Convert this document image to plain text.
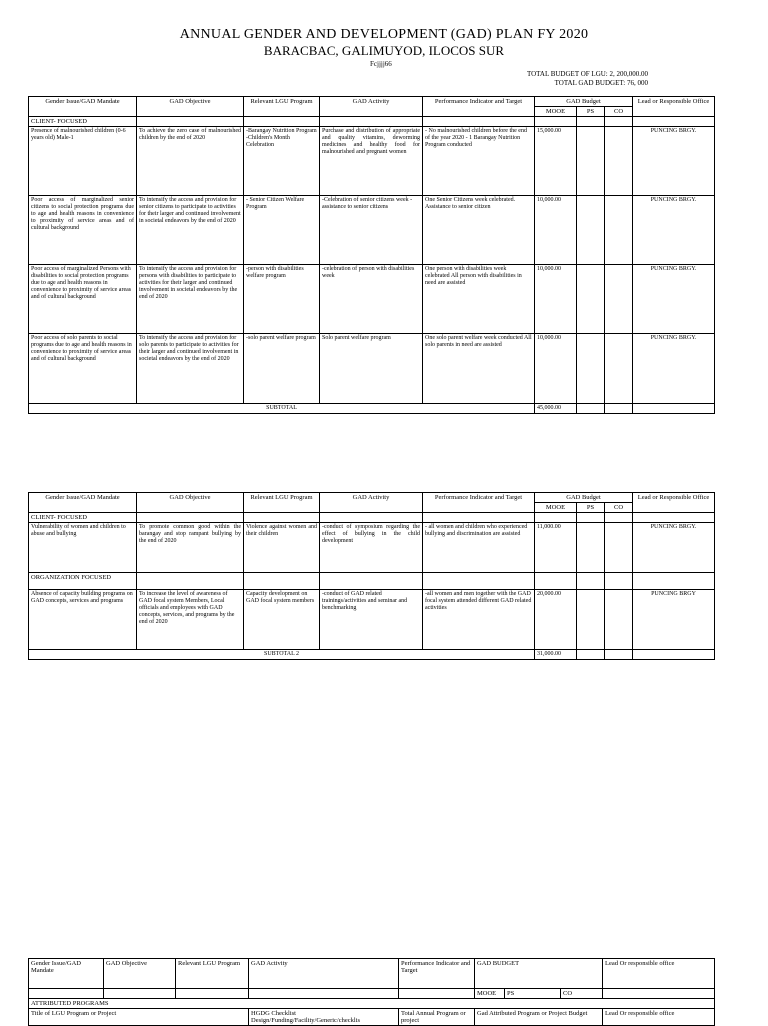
ANNUAL GENDER AND DEVELOPMENT (GAD) PLAN FY 2020
BARACBAC, GALIMUYOD, ILOCOS SUR
Fcjjjj66
TOTAL BUDGET OF LGU: 2, 200,000.00
TOTAL GAD BUDGET: 76, 000
Gender Issue/GAD Mandate	GAD Objective	Relevant LGU Program	GAD Activity	Performance Indicator and Target	GAD Budget			Lead or Responsible Office
					MOOE	PS	CO	
CLIENT- FOCUSED								
Presence of malnourished children (0-6 years old) Male-1	To achieve the zero case of malnourished children by the end of 2020	-Barangay Nutrition Program -Children's Month Celebration	Purchase and distribution of appropriate and quality vitamins, deworming medicines and healthy food for malnourished and pregnant women	- No malnourished children before the end of the year 2020 - 1 Barangay Nutrition Program conducted	15,000.00			PUNCING BRGY.
Poor access of marginalized senior citizens to social protection programs due to age and health reasons in convenience to proximity of service areas and of cultural background	To intensify the access and provision for senior citizens to participate to activities for their larger and continued involvement in societal endeavors by the end of 2020	- Senior Citizen Welfare Program	-Celebration of senior citizens week -assistance to senior citizens	One Senior Citizens week celebrated. Assistance to senior citizen	10,000.00			PUNCING BRGY.
Poor access of marginalized Persons with disabilities to social protection programs due to age and health reasons in convenience to proximity of service areas and of cultural background	To intensify the access and provision for persons with disabilities to participate to activities for their larger and continued involvement in societal endeavors by the end of 2020	-person with disabilities welfare program	-celebration of person with disabilities week	One person with disabilities week celebrated All person with disabilities in need are assisted	10,000.00			PUNCING BRGY.
Poor access of solo parents to social programs due to age and health reasons in convenience to proximity of service areas and of cultural background	To intensify the access and provision for solo parents to participate to activities for their larger and continued involvement in societal endeavors by the end of 2020	-solo parent welfare program	Solo parent welfare program	One solo parent welfare week conducted All solo parents in need are assisted	10,000.00			PUNCING BRGY.
SUBTOTAL					45,000.00			
Gender Issue/GAD Mandate	GAD Objective	Relevant LGU Program	GAD Activity	Performance Indicator and Target	GAD Budget			Lead or Responsible Office
					MOOE	PS	CO	
CLIENT- FOCUSED								
Vulnerability of women and children to abuse and bullying	To promote common good within the barangay and stop rampant bullying by the end of 2020	Violence against women and their children	-conduct of symposium regarding the effect of bullying in the child development	- all women and children who experienced bullying and discrimination are assisted	11,000.00			PUNCING BRGY.
ORGANIZATION FOCUSED								
Absence of capacity building programs on GAD concepts, services and programs	To increase the level of awareness of GAD focal system Members, Local officials and employees with GAD concepts, services, and programs by the end of 2020	Capacity development on GAD focal system members	-conduct of GAD related trainings/activities and seminar and benchmarking	-all women and men together with the GAD focal system attended different GAD related activities	20,000.00			PUNCING BRGY
SUBTOTAL 2					31,000.00			
Gender Issue/GAD Mandate	GAD Objective	Relevant LGU Program	GAD Activity	Performance Indicator and Target	GAD BUDGET			Lead Or responsible office
					MOOE	PS	CO	
ATTRIBUTED PROGRAMS								
Title of LGU Program or Project			HGDG Checklist Design/Funding/Facility/Generic/checklis	Total Annual Program or project	Gad Attributed Program or Project Budget			Lead Or responsible office
